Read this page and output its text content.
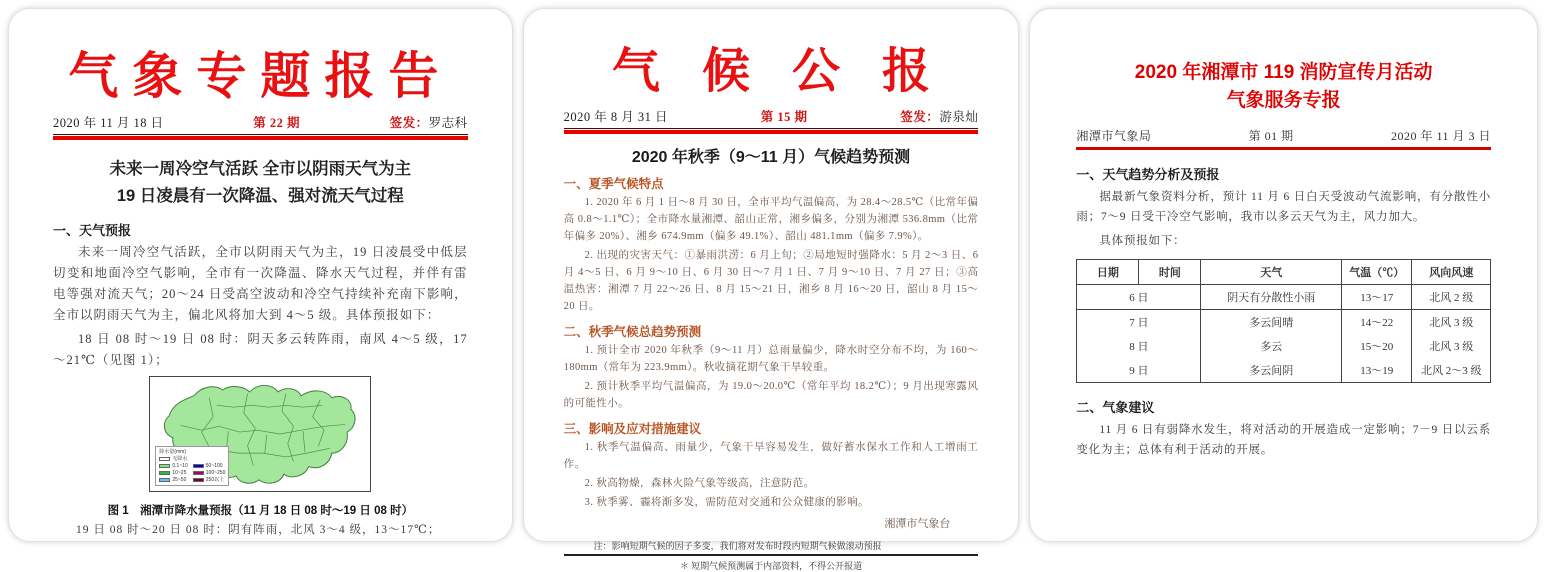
气象专题报告
2020 年 11 月 18 日	第 22 期	签发：罗志科
未来一周冷空气活跃 全市以阴雨天气为主
19 日凌晨有一次降温、强对流天气过程
一、天气预报

未来一周冷空气活跃，全市以阴雨天气为主，19 日凌晨受中低层切变和地面冷空气影响，全市有一次降温、降水天气过程，并伴有雷电等强对流天气；20～24 日受高空波动和冷空气持续补充南下影响，全市以阴雨天气为主，偏北风将加大到 4～5 级。具体预报如下：

18 日 08 时～19 日 08 时：阴天多云转阵雨，南风 4～5 级，17～21℃（见图 1）；

降水量(mm)
无降水
0.1~10
10~25
25~50
50~100
100~250
250以上
图 1　湘潭市降水量预报（11 月 18 日 08 时～19 日 08 时）

19 日 08 时～20 日 08 时：阴有阵雨，北风 3～4 级，13～17℃；

气候公报
2020 年 8 月 31 日	第 15 期	签发：游泉灿
2020 年秋季（9～11 月）气候趋势预测
一、夏季气候特点

1. 2020 年 6 月 1 日～8 月 30 日，全市平均气温偏高，为 28.4～28.5℃（比常年偏高 0.8～1.1℃）；全市降水量湘潭、韶山正常，湘乡偏多，分别为湘潭 536.8mm（比常年偏多 20%）、湘乡 674.9mm（偏多 49.1%）、韶山 481.1mm（偏多 7.9%）。

2. 出现的灾害天气：①暴雨洪涝：6 月上旬；②局地短时强降水：5 月 2～3 日、6 月 4～5 日、6 月 9～10 日、6 月 30 日～7 月 1 日、7 月 9～10 日、7 月 27 日；③高温热害：湘潭 7 月 22～26 日、8 月 15～21 日，湘乡 8 月 16～20 日，韶山 8 月 15～20 日。

二、秋季气候总趋势预测

1. 预计全市 2020 年秋季（9～11 月）总雨量偏少，降水时空分布不均，为 160～180mm（常年为 223.9mm）。秋收摘花期气象干旱较重。

2. 预计秋季平均气温偏高，为 19.0～20.0℃（常年平均 18.2℃）；9 月出现寒露风的可能性小。

三、影响及应对措施建议

1. 秋季气温偏高、雨量少，气象干旱容易发生，做好蓄水保水工作和人工增雨工作。

2. 秋高物燥，森林火险气象等级高，注意防范。

3. 秋季雾、霾将渐多发，需防范对交通和公众健康的影响。

湘潭市气象台
注：影响短期气候的因子多变，我们将对发布时段内短期气候做滚动预报
＊ 短期气候预测属于内部资料，不得公开报道
2020 年湘潭市 119 消防宣传月活动
气象服务专报
湘潭市气象局	第 01 期	2020 年 11 月 3 日
一、天气趋势分析及预报

据最新气象资料分析，预计 11 月 6 日白天受波动气流影响，有分散性小雨；7～9 日受干冷空气影响，我市以多云天气为主，风力加大。

具体预报如下：

日期	时间	天气	气温（℃）	风向风速
6 日		阴天有分散性小雨	13～17	北风 2 级
7 日		多云间晴	14～22	北风 3 级
8 日		多云	15～20	北风 3 级
9 日		多云间阴	13～19	北风 2～3 级
二、气象建议

11 月 6 日有弱降水发生，将对活动的开展造成一定影响；7－9 日以云系变化为主；总体有利于活动的开展。
